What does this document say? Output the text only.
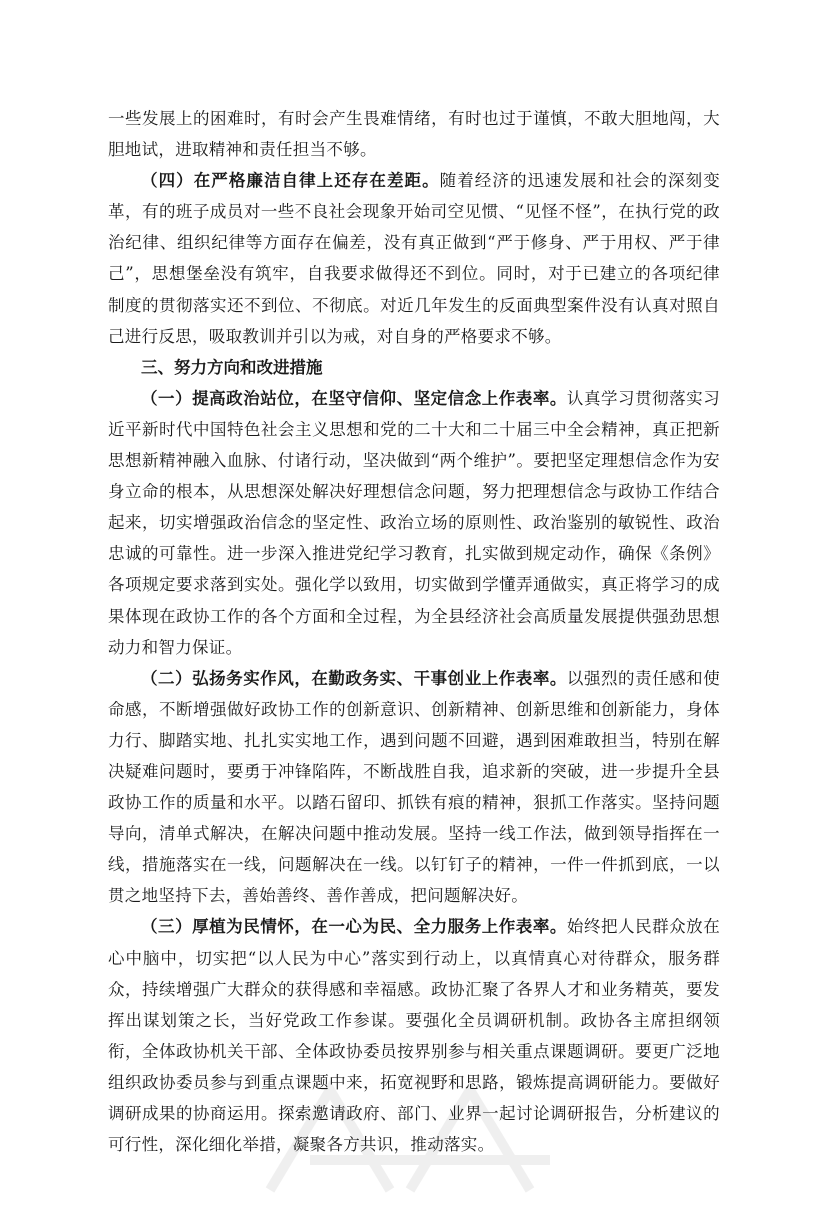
一些发展上的困难时，有时会产生畏难情绪，有时也过于谨慎，不敢大胆地闯，大胆地试，进取精神和责任担当不够。

（四）在严格廉洁自律上还存在差距。随着经济的迅速发展和社会的深刻变革，有的班子成员对一些不良社会现象开始司空见惯、“见怪不怪”，在执行党的政治纪律、组织纪律等方面存在偏差，没有真正做到“严于修身、严于用权、严于律己”，思想堡垒没有筑牢，自我要求做得还不到位。同时，对于已建立的各项纪律制度的贯彻落实还不到位、不彻底。对近几年发生的反面典型案件没有认真对照自己进行反思，吸取教训并引以为戒，对自身的严格要求不够。

三、努力方向和改进措施

（一）提高政治站位，在坚守信仰、坚定信念上作表率。认真学习贯彻落实习近平新时代中国特色社会主义思想和党的二十大和二十届三中全会精神，真正把新思想新精神融入血脉、付诸行动，坚决做到“两个维护”。要把坚定理想信念作为安身立命的根本，从思想深处解决好理想信念问题，努力把理想信念与政协工作结合起来，切实增强政治信念的坚定性、政治立场的原则性、政治鉴别的敏锐性、政治忠诚的可靠性。进一步深入推进党纪学习教育，扎实做到规定动作，确保《条例》各项规定要求落到实处。强化学以致用，切实做到学懂弄通做实，真正将学习的成果体现在政协工作的各个方面和全过程，为全县经济社会高质量发展提供强劲思想动力和智力保证。

（二）弘扬务实作风，在勤政务实、干事创业上作表率。以强烈的责任感和使命感，不断增强做好政协工作的创新意识、创新精神、创新思维和创新能力，身体力行、脚踏实地、扎扎实实地工作，遇到问题不回避，遇到困难敢担当，特别在解决疑难问题时，要勇于冲锋陷阵，不断战胜自我，追求新的突破，进一步提升全县政协工作的质量和水平。以踏石留印、抓铁有痕的精神，狠抓工作落实。坚持问题导向，清单式解决，在解决问题中推动发展。坚持一线工作法，做到领导指挥在一线，措施落实在一线，问题解决在一线。以钉钉子的精神，一件一件抓到底，一以贯之地坚持下去，善始善终、善作善成，把问题解决好。

（三）厚植为民情怀，在一心为民、全力服务上作表率。始终把人民群众放在心中脑中，切实把“以人民为中心”落实到行动上，以真情真心对待群众，服务群众，持续增强广大群众的获得感和幸福感。政协汇聚了各界人才和业务精英，要发挥出谋划策之长，当好党政工作参谋。要强化全员调研机制。政协各主席担纲领衔，全体政协机关干部、全体政协委员按界别参与相关重点课题调研。要更广泛地组织政协委员参与到重点课题中来，拓宽视野和思路，锻炼提高调研能力。要做好调研成果的协商运用。探索邀请政府、部门、业界一起讨论调研报告，分析建议的可行性，深化细化举措，凝聚各方共识，推动落实。
